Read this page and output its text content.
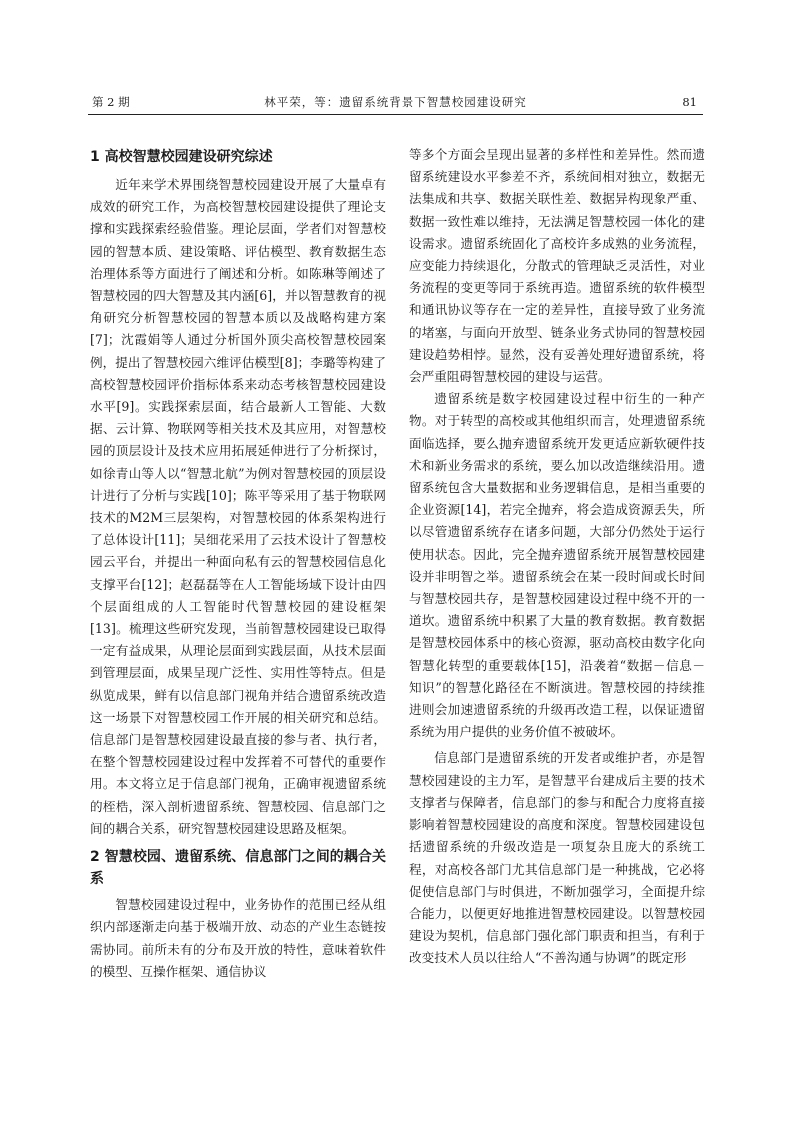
第 2 期	林平荣，等：遗留系统背景下智慧校园建设研究	81
1 高校智慧校园建设研究综述

近年来学术界围绕智慧校园建设开展了大量卓有成效的研究工作，为高校智慧校园建设提供了理论支撑和实践探索经验借鉴。理论层面，学者们对智慧校园的智慧本质、建设策略、评估模型、教育数据生态治理体系等方面进行了阐述和分析。如陈琳等阐述了智慧校园的四大智慧及其内涵[6]，并以智慧教育的视角研究分析智慧校园的智慧本质以及战略构建方案[7]；沈霞娟等人通过分析国外顶尖高校智慧校园案例，提出了智慧校园六维评估模型[8]；李璐等构建了高校智慧校园评价指标体系来动态考核智慧校园建设水平[9]。实践探索层面，结合最新人工智能、大数据、云计算、物联网等相关技术及其应用，对智慧校园的顶层设计及技术应用拓展延伸进行了分析探讨，如徐青山等人以“智慧北航”为例对智慧校园的顶层设计进行了分析与实践[10]；陈平等采用了基于物联网技术的M2M三层架构，对智慧校园的体系架构进行了总体设计[11]；吴细花采用了云技术设计了智慧校园云平台，并提出一种面向私有云的智慧校园信息化支撑平台[12]；赵磊磊等在人工智能场域下设计由四个层面组成的人工智能时代智慧校园的建设框架[13]。梳理这些研究发现，当前智慧校园建设已取得一定有益成果，从理论层面到实践层面，从技术层面到管理层面，成果呈现广泛性、实用性等特点。但是纵览成果，鲜有以信息部门视角并结合遗留系统改造这一场景下对智慧校园工作开展的相关研究和总结。信息部门是智慧校园建设最直接的参与者、执行者，在整个智慧校园建设过程中发挥着不可替代的重要作用。本文将立足于信息部门视角，正确审视遗留系统的桎梏，深入剖析遗留系统、智慧校园、信息部门之间的耦合关系，研究智慧校园建设思路及框架。

2 智慧校园、遗留系统、信息部门之间的耦合关系

智慧校园建设过程中，业务协作的范围已经从组织内部逐渐走向基于极端开放、动态的产业生态链按需协同。前所未有的分布及开放的特性，意味着软件的模型、互操作框架、通信协议

等多个方面会呈现出显著的多样性和差异性。然而遗留系统建设水平参差不齐，系统间相对独立，数据无法集成和共享、数据关联性差、数据异构现象严重、数据一致性难以维持，无法满足智慧校园一体化的建设需求。遗留系统固化了高校许多成熟的业务流程，应变能力持续退化，分散式的管理缺乏灵活性，对业务流程的变更等同于系统再造。遗留系统的软件模型和通讯协议等存在一定的差异性，直接导致了业务流的堵塞，与面向开放型、链条业务式协同的智慧校园建设趋势相悖。显然，没有妥善处理好遗留系统，将会严重阻碍智慧校园的建设与运营。

遗留系统是数字校园建设过程中衍生的一种产物。对于转型的高校或其他组织而言，处理遗留系统面临选择，要么抛弃遗留系统开发更适应新软硬件技术和新业务需求的系统，要么加以改造继续沿用。遗留系统包含大量数据和业务逻辑信息，是相当重要的企业资源[14]，若完全抛弃，将会造成资源丢失，所以尽管遗留系统存在诸多问题，大部分仍然处于运行使用状态。因此，完全抛弃遗留系统开展智慧校园建设并非明智之举。遗留系统会在某一段时间或长时间与智慧校园共存，是智慧校园建设过程中绕不开的一道坎。遗留系统中积累了大量的教育数据。教育数据是智慧校园体系中的核心资源，驱动高校由数字化向智慧化转型的重要载体[15]，沿袭着“数据－信息－知识”的智慧化路径在不断演进。智慧校园的持续推进则会加速遗留系统的升级再改造工程，以保证遗留系统为用户提供的业务价值不被破坏。

信息部门是遗留系统的开发者或维护者，亦是智慧校园建设的主力军，是智慧平台建成后主要的技术支撑者与保障者，信息部门的参与和配合力度将直接影响着智慧校园建设的高度和深度。智慧校园建设包括遗留系统的升级改造是一项复杂且庞大的系统工程，对高校各部门尤其信息部门是一种挑战，它必将促使信息部门与时俱进，不断加强学习，全面提升综合能力，以便更好地推进智慧校园建设。以智慧校园建设为契机，信息部门强化部门职责和担当，有利于改变技术人员以往给人“不善沟通与协调”的既定形
